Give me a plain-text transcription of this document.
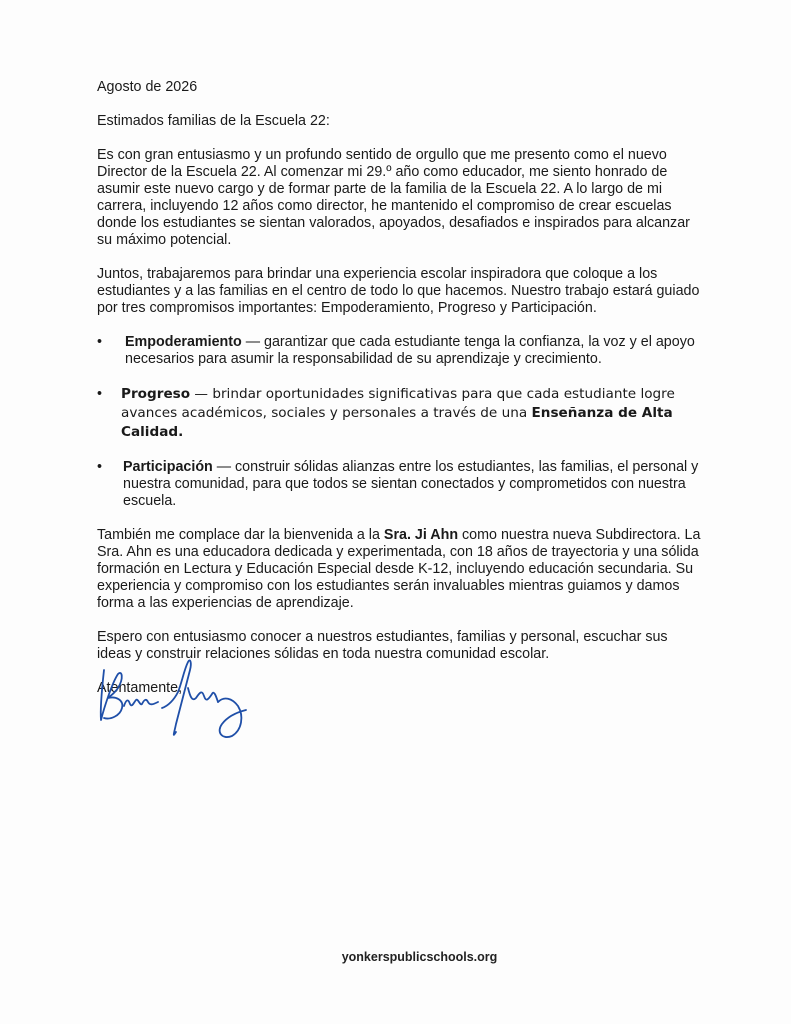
Agosto de 2026

Estimados familias de la Escuela 22:

Es con gran entusiasmo y un profundo sentido de orgullo que me presento como el nuevo Director de la Escuela 22. Al comenzar mi 29.º año como educador, me siento honrado de asumir este nuevo cargo y de formar parte de la familia de la Escuela 22. A lo largo de mi carrera, incluyendo 12 años como director, he mantenido el compromiso de crear escuelas donde los estudiantes se sientan valorados, apoyados, desafiados e inspirados para alcanzar su máximo potencial.

Juntos, trabajaremos para brindar una experiencia escolar inspiradora que coloque a los estudiantes y a las familias en el centro de todo lo que hacemos. Nuestro trabajo estará guiado por tres compromisos importantes: Empoderamiento, Progreso y Participación.

•	Empoderamiento — garantizar que cada estudiante tenga la confianza, la voz y el apoyo necesarios para asumir la responsabilidad de su aprendizaje y crecimiento.
• Progreso — brindar oportunidades significativas para que cada estudiante logre avances académicos, sociales y personales a través de una Enseñanza de Alta Calidad.
•	Participación — construir sólidas alianzas entre los estudiantes, las familias, el personal y nuestra comunidad, para que todos se sientan conectados y comprometidos con nuestra escuela.

También me complace dar la bienvenida a la Sra. Ji Ahn como nuestra nueva Subdirectora. La Sra. Ahn es una educadora dedicada y experimentada, con 18 años de trayectoria y una sólida formación en Lectura y Educación Especial desde K-12, incluyendo educación secundaria. Su experiencia y compromiso con los estudiantes serán invaluables mientras guiamos y damos forma a las experiencias de aprendizaje.

Espero con entusiasmo conocer a nuestros estudiantes, familias y personal, escuchar sus ideas y construir relaciones sólidas en toda nuestra comunidad escolar.

Atentamente,

yonkerspublicschools.org
